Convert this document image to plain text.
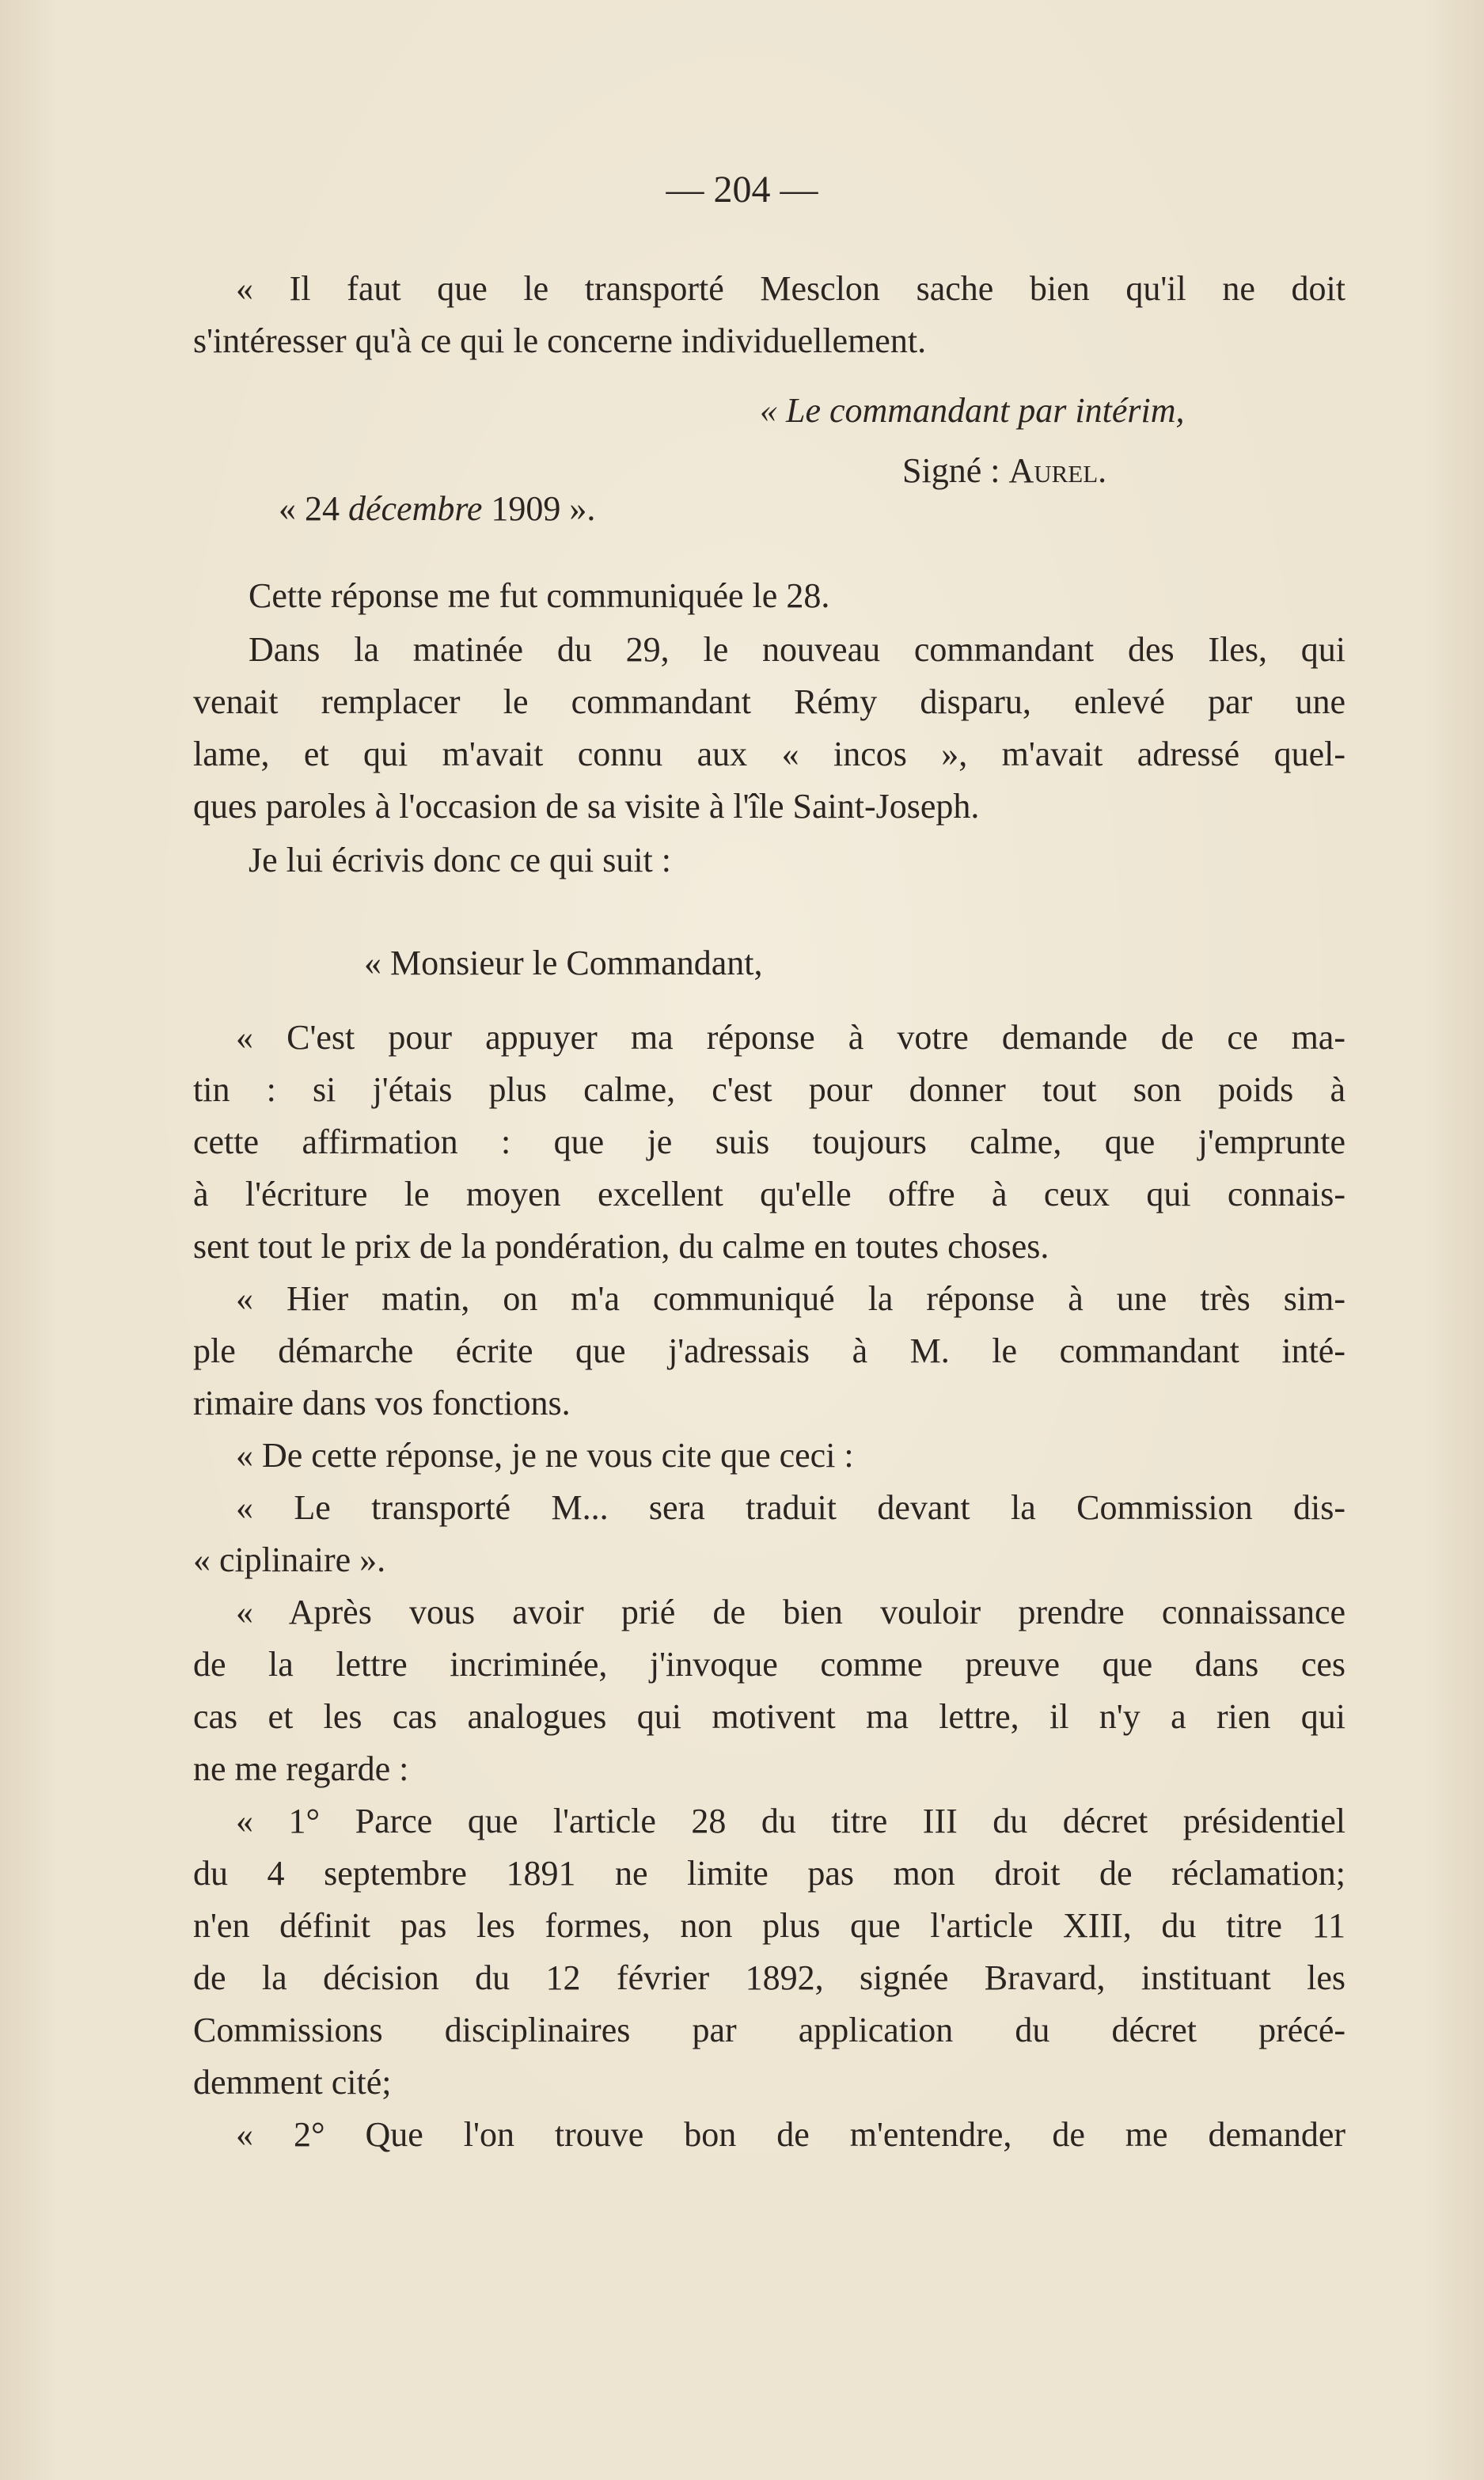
— 204 —
« Il faut que le transporté Mesclon sache bien qu'il ne doit
s'intéresser qu'à ce qui le concerne individuellement.
« Le commandant par intérim,
Signé : Aurel.
« 24 décembre 1909 ».
Cette réponse me fut communiquée le 28.
Dans la matinée du 29, le nouveau commandant des Iles, qui
venait remplacer le commandant Rémy disparu, enlevé par une
lame, et qui m'avait connu aux « incos », m'avait adressé quel-
ques paroles à l'occasion de sa visite à l'île Saint-Joseph.
Je lui écrivis donc ce qui suit :
« Monsieur le Commandant,
« C'est pour appuyer ma réponse à votre demande de ce ma-
tin : si j'étais plus calme, c'est pour donner tout son poids à
cette affirmation : que je suis toujours calme, que j'emprunte
à l'écriture le moyen excellent qu'elle offre à ceux qui connais-
sent tout le prix de la pondération, du calme en toutes choses.
« Hier matin, on m'a communiqué la réponse à une très sim-
ple démarche écrite que j'adressais à M. le commandant inté-
rimaire dans vos fonctions.
« De cette réponse, je ne vous cite que ceci :
« Le transporté M... sera traduit devant la Commission dis-
« ciplinaire ».
« Après vous avoir prié de bien vouloir prendre connaissance
de la lettre incriminée, j'invoque comme preuve que dans ces
cas et les cas analogues qui motivent ma lettre, il n'y a rien qui
ne me regarde :
« 1° Parce que l'article 28 du titre III du décret présidentiel
du 4 septembre 1891 ne limite pas mon droit de réclamation;
n'en définit pas les formes, non plus que l'article XIII, du titre 11
de la décision du 12 février 1892, signée Bravard, instituant les
Commissions disciplinaires par application du décret précé-
demment cité;
« 2° Que l'on trouve bon de m'entendre, de me demander
